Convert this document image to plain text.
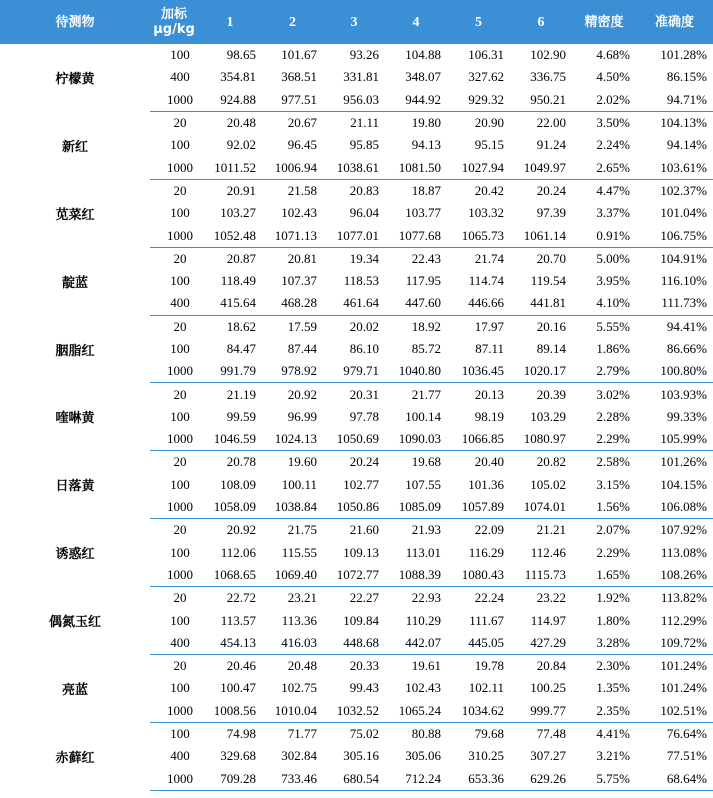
待测物	加标
μg/kg	1	2	3	4	5	6	精密度	准确度
柠檬黄	100	98.65	101.67	93.26	104.88	106.31	102.90	4.68%	101.28%
	400	354.81	368.51	331.81	348.07	327.62	336.75	4.50%	86.15%
	1000	924.88	977.51	956.03	944.92	929.32	950.21	2.02%	94.71%
新红	20	20.48	20.67	21.11	19.80	20.90	22.00	3.50%	104.13%
	100	92.02	96.45	95.85	94.13	95.15	91.24	2.24%	94.14%
	1000	1011.52	1006.94	1038.61	1081.50	1027.94	1049.97	2.65%	103.61%
苋菜红	20	20.91	21.58	20.83	18.87	20.42	20.24	4.47%	102.37%
	100	103.27	102.43	96.04	103.77	103.32	97.39	3.37%	101.04%
	1000	1052.48	1071.13	1077.01	1077.68	1065.73	1061.14	0.91%	106.75%
靛蓝	20	20.87	20.81	19.34	22.43	21.74	20.70	5.00%	104.91%
	100	118.49	107.37	118.53	117.95	114.74	119.54	3.95%	116.10%
	400	415.64	468.28	461.64	447.60	446.66	441.81	4.10%	111.73%
胭脂红	20	18.62	17.59	20.02	18.92	17.97	20.16	5.55%	94.41%
	100	84.47	87.44	86.10	85.72	87.11	89.14	1.86%	86.66%
	1000	991.79	978.92	979.71	1040.80	1036.45	1020.17	2.79%	100.80%
喹啉黄	20	21.19	20.92	20.31	21.77	20.13	20.39	3.02%	103.93%
	100	99.59	96.99	97.78	100.14	98.19	103.29	2.28%	99.33%
	1000	1046.59	1024.13	1050.69	1090.03	1066.85	1080.97	2.29%	105.99%
日落黄	20	20.78	19.60	20.24	19.68	20.40	20.82	2.58%	101.26%
	100	108.09	100.11	102.77	107.55	101.36	105.02	3.15%	104.15%
	1000	1058.09	1038.84	1050.86	1085.09	1057.89	1074.01	1.56%	106.08%
诱惑红	20	20.92	21.75	21.60	21.93	22.09	21.21	2.07%	107.92%
	100	112.06	115.55	109.13	113.01	116.29	112.46	2.29%	113.08%
	1000	1068.65	1069.40	1072.77	1088.39	1080.43	1115.73	1.65%	108.26%
偶氮玉红	20	22.72	23.21	22.27	22.93	22.24	23.22	1.92%	113.82%
	100	113.57	113.36	109.84	110.29	111.67	114.97	1.80%	112.29%
	400	454.13	416.03	448.68	442.07	445.05	427.29	3.28%	109.72%
亮蓝	20	20.46	20.48	20.33	19.61	19.78	20.84	2.30%	101.24%
	100	100.47	102.75	99.43	102.43	102.11	100.25	1.35%	101.24%
	1000	1008.56	1010.04	1032.52	1065.24	1034.62	999.77	2.35%	102.51%
赤藓红	100	74.98	71.77	75.02	80.88	79.68	77.48	4.41%	76.64%
	400	329.68	302.84	305.16	305.06	310.25	307.27	3.21%	77.51%
	1000	709.28	733.46	680.54	712.24	653.36	629.26	5.75%	68.64%
